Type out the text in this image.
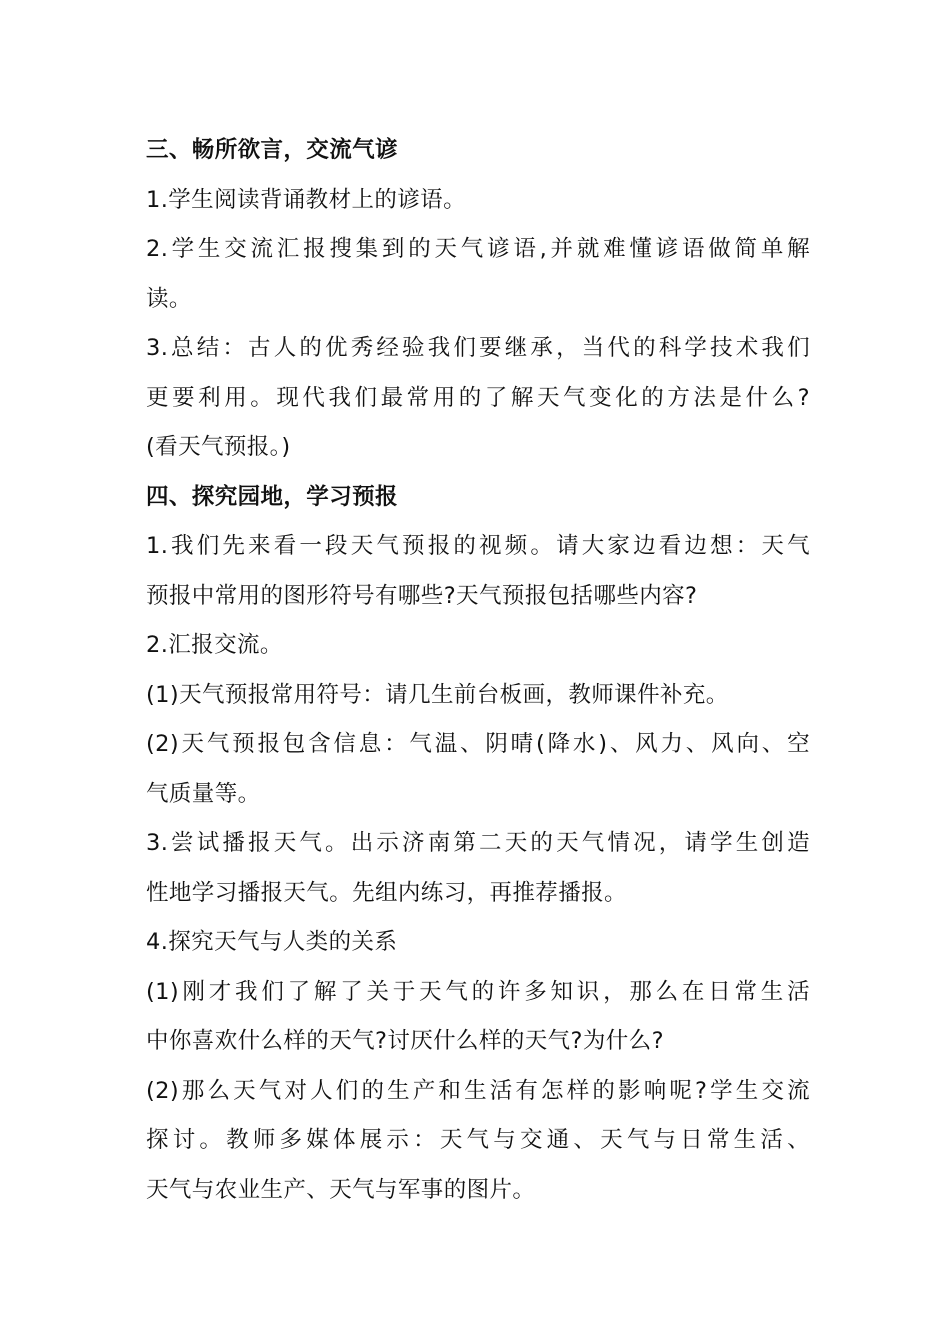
三、畅所欲言，交流气谚
1.学生阅读背诵教材上的谚语。
2.学生交流汇报搜集到的天气谚语,并就难懂谚语做简单解
读。
3.总结：古人的优秀经验我们要继承，当代的科学技术我们
更要利用。现代我们最常用的了解天气变化的方法是什么?
(看天气预报。)
四、探究园地，学习预报
1.我们先来看一段天气预报的视频。请大家边看边想：天气
预报中常用的图形符号有哪些?天气预报包括哪些内容?
2.汇报交流。
(1)天气预报常用符号：请几生前台板画，教师课件补充。
(2)天气预报包含信息：气温、阴晴(降水)、风力、风向、空
气质量等。
3.尝试播报天气。出示济南第二天的天气情况，请学生创造
性地学习播报天气。先组内练习，再推荐播报。
4.探究天气与人类的关系
(1)刚才我们了解了关于天气的许多知识，那么在日常生活
中你喜欢什么样的天气?讨厌什么样的天气?为什么?
(2)那么天气对人们的生产和生活有怎样的影响呢?学生交流
探讨。教师多媒体展示：天气与交通、天气与日常生活、
天气与农业生产、天气与军事的图片。
